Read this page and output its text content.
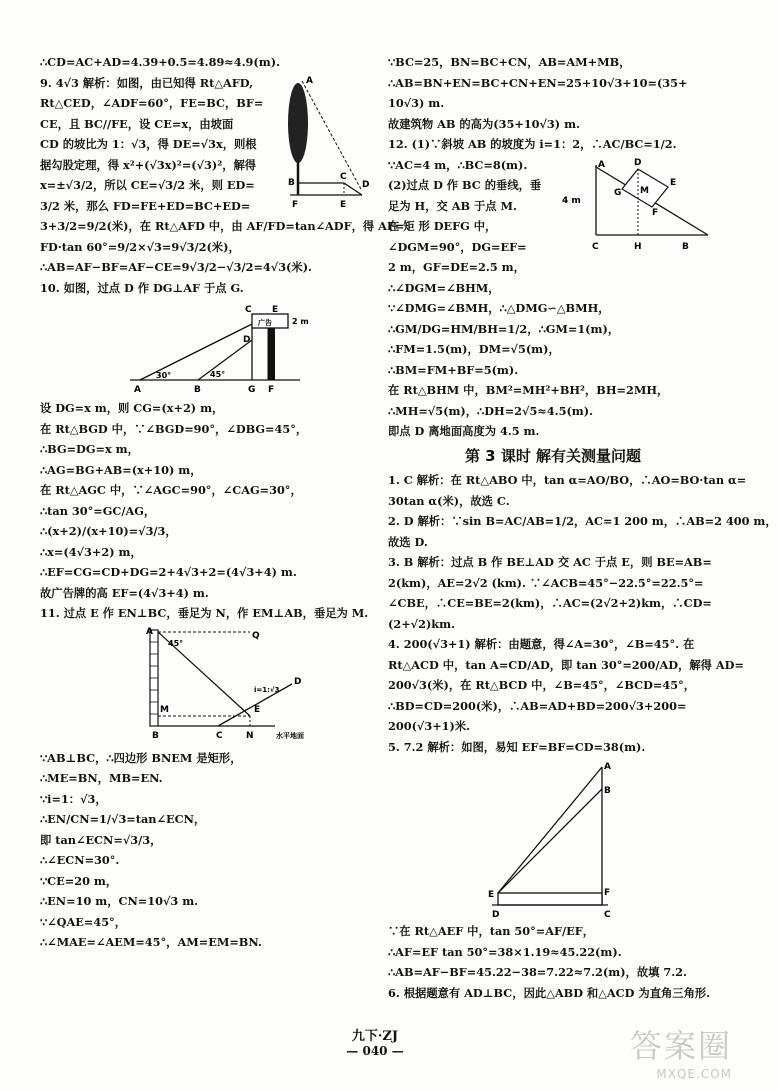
∴CD=AC+AD=4.39+0.5=4.89≈4.9(m).
9. 4√3 解析：如图，由已知得 Rt△AFD,
Rt△CED，∠ADF=60°，FE=BC，BF=
CE，且 BC//FE，设 CE=x，由坡面
CD 的坡比为 1：√3，得 DE=√3x，则根
据勾股定理，得 x²+(√3x)²=(√3)²，解得
x=±√3/2，所以 CE=√3/2 米，则 ED=
3/2 米，那么 FD=FE+ED=BC+ED=
A
B
C
D
F	E
3+3/2=9/2(米)，在 Rt△AFD 中，由 AF/FD=tan∠ADF，得 AF=
FD·tan 60°=9/2×√3=9√3/2(米)，
∴AB=AF−BF=AF−CE=9√3/2−√3/2=4√3(米).
10. 如图，过点 D 作 DG⊥AF 于点 G.
C E
D
A	B	G F
30°	45°
2 m
广告
设 DG=x m，则 CG=(x+2) m，
在 Rt△BGD 中，∵∠BGD=90°，∠DBG=45°，
∴BG=DG=x m，
∴AG=BG+AB=(x+10) m，
在 Rt△AGC 中，∵∠AGC=90°，∠CAG=30°，
∴tan 30°=GC/AG，
∴(x+2)/(x+10)=√3/3，
∴x=(4√3+2) m，
∴EF=CG=CD+DG=2+4√3+2=(4√3+4) m.
故广告牌的高 EF=(4√3+4) m.
11. 过点 E 作 EN⊥BC，垂足为 N，作 EM⊥AB，垂足为 M.
A
45°
Q
i=1:√3
D
E
M
B	C	N	水平地面
∵AB⊥BC，∴四边形 BNEM 是矩形，
∴ME=BN，MB=EN.
∵i=1：√3，
∴EN/CN=1/√3=tan∠ECN，
即 tan∠ECN=√3/3，
∴∠ECN=30°.
∵CE=20 m，
∴EN=10 m，CN=10√3 m.
∵∠QAE=45°，
∴∠MAE=∠AEM=45°，AM=EM=BN.
∵BC=25，BN=BC+CN，AB=AM+MB，
∴AB=BN+EN=BC+CN+EN=25+10√3+10=(35+
10√3) m.
故建筑物 AB 的高为(35+10√3) m.
12. (1)∵斜坡 AB 的坡度为 i=1：2，∴AC/BC=1/2.
∵AC=4 m，∴BC=8(m).
(2)过点 D 作 BC 的垂线，垂
足为 H，交 AB 于点 M.
在 矩 形 DEFG 中，
∠DGM=90°，DG=EF=
2 m，GF=DE=2.5 m，
A	D
E
G M
F
4 m
C	H	B
∴∠DGM=∠BHM，
∵∠DMG=∠BMH，∴△DMG∽△BMH，
∴GM/DG=HM/BH=1/2，∴GM=1(m)，
∴FM=1.5(m)，DM=√5(m)，
∴BM=FM+BF=5(m).
在 Rt△BHM 中，BM²=MH²+BH²，BH=2MH，
∴MH=√5(m)，∴DH=2√5≈4.5(m).
即点 D 离地面高度为 4.5 m.
第 3 课时 解有关测量问题
1. C 解析：在 Rt△ABO 中，tan α=AO/BO，∴AO=BO·tan α=
30tan α(米)，故选 C.
2. D 解析：∵sin B=AC/AB=1/2，AC=1 200 m，∴AB=2 400 m，
故选 D.
3. B 解析：过点 B 作 BE⊥AD 交 AC 于点 E，则 BE=AB=
2(km)，AE=2√2 (km). ∵∠ACB=45°−22.5°=22.5°=
∠CBE，∴CE=BE=2(km)，∴AC=(2√2+2)km，∴CD=
(2+√2)km.
4. 200(√3+1) 解析：由题意，得∠A=30°，∠B=45°. 在
Rt△ACD 中，tan A=CD/AD，即 tan 30°=200/AD，解得 AD=
200√3(米)，在 Rt△BCD 中，∠B=45°，∠BCD=45°，
∴BD=CD=200(米)，∴AB=AD+BD=200√3+200=
200(√3+1)米.
5. 7.2 解析：如图，易知 EF=BF=CD=38(m).
A
B
E	F
D	C
∵在 Rt△AEF 中，tan 50°=AF/EF，
∴AF=EF tan 50°=38×1.19≈45.22(m).
∴AB=AF−BF=45.22−38=7.22≈7.2(m)，故填 7.2.
6. 根据题意有 AD⊥BC，因此△ABD 和△ACD 为直角三角形.
九下·ZJ
— 040 —	答案圈
MXQE.COM
